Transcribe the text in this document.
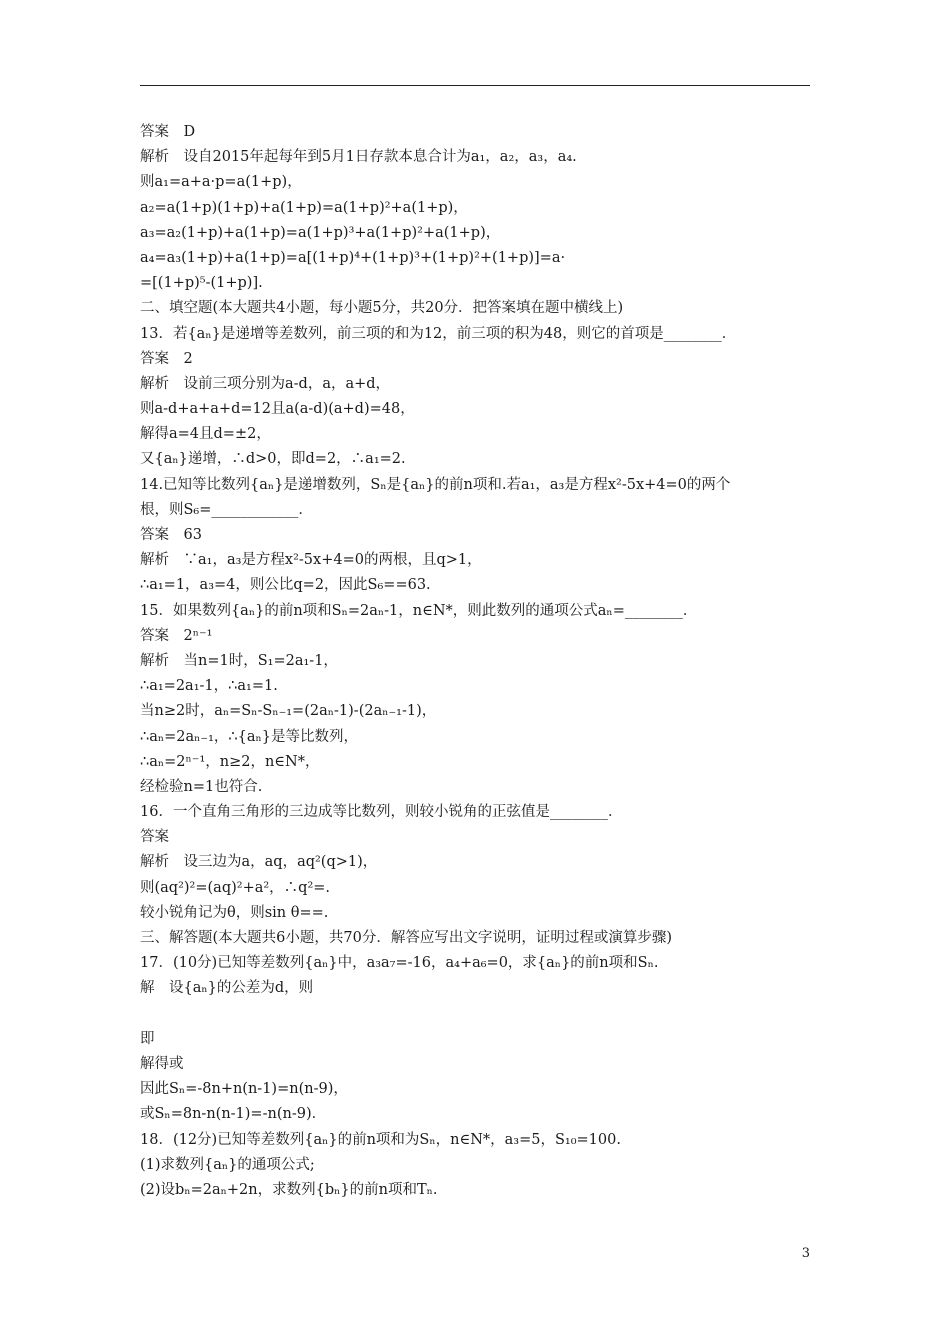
答案　D
解析　设自2015年起每年到5月1日存款本息合计为a₁，a₂，a₃，a₄.
则a₁=a+a·p=a(1+p)，
a₂=a(1+p)(1+p)+a(1+p)=a(1+p)²+a(1+p)，
a₃=a₂(1+p)+a(1+p)=a(1+p)³+a(1+p)²+a(1+p)，
a₄=a₃(1+p)+a(1+p)=a[(1+p)⁴+(1+p)³+(1+p)²+(1+p)]=a·
=[(1+p)⁵-(1+p)].
二、填空题(本大题共4小题，每小题5分，共20分．把答案填在题中横线上)
13．若{aₙ}是递增等差数列，前三项的和为12，前三项的积为48，则它的首项是________．
答案　2
解析　设前三项分别为a-d，a，a+d，
则a-d+a+a+d=12且a(a-d)(a+d)=48，
解得a=4且d=±2，
又{aₙ}递增，∴d>0，即d=2，∴a₁=2.
14.已知等比数列{aₙ}是递增数列，Sₙ是{aₙ}的前n项和.若a₁，a₃是方程x²-5x+4=0的两个
根，则S₆=____________．
答案　63
解析　∵a₁，a₃是方程x²-5x+4=0的两根，且q>1，
∴a₁=1，a₃=4，则公比q=2，因此S₆==63.
15．如果数列{aₙ}的前n项和Sₙ=2aₙ-1，n∈N*，则此数列的通项公式aₙ=________．
答案　2ⁿ⁻¹
解析　当n=1时，S₁=2a₁-1，
∴a₁=2a₁-1，∴a₁=1.
当n≥2时，aₙ=Sₙ-Sₙ₋₁=(2aₙ-1)-(2aₙ₋₁-1)，
∴aₙ=2aₙ₋₁，∴{aₙ}是等比数列，
∴aₙ=2ⁿ⁻¹，n≥2，n∈N*，
经检验n=1也符合.
16．一个直角三角形的三边成等比数列，则较小锐角的正弦值是________．
答案
解析　设三边为a，aq，aq²(q>1)，
则(aq²)²=(aq)²+a²，∴q²=.
较小锐角记为θ，则sin θ==.
三、解答题(本大题共6小题，共70分．解答应写出文字说明，证明过程或演算步骤)
17．(10分)已知等差数列{aₙ}中，a₃a₇=-16，a₄+a₆=0，求{aₙ}的前n项和Sₙ.
解　设{aₙ}的公差为d，则
即
解得或
因此Sₙ=-8n+n(n-1)=n(n-9)，
或Sₙ=8n-n(n-1)=-n(n-9)．
18．(12分)已知等差数列{aₙ}的前n项和为Sₙ，n∈N*，a₃=5，S₁₀=100.
(1)求数列{aₙ}的通项公式;
(2)设bₙ=2aₙ+2n，求数列{bₙ}的前n项和Tₙ.
3
